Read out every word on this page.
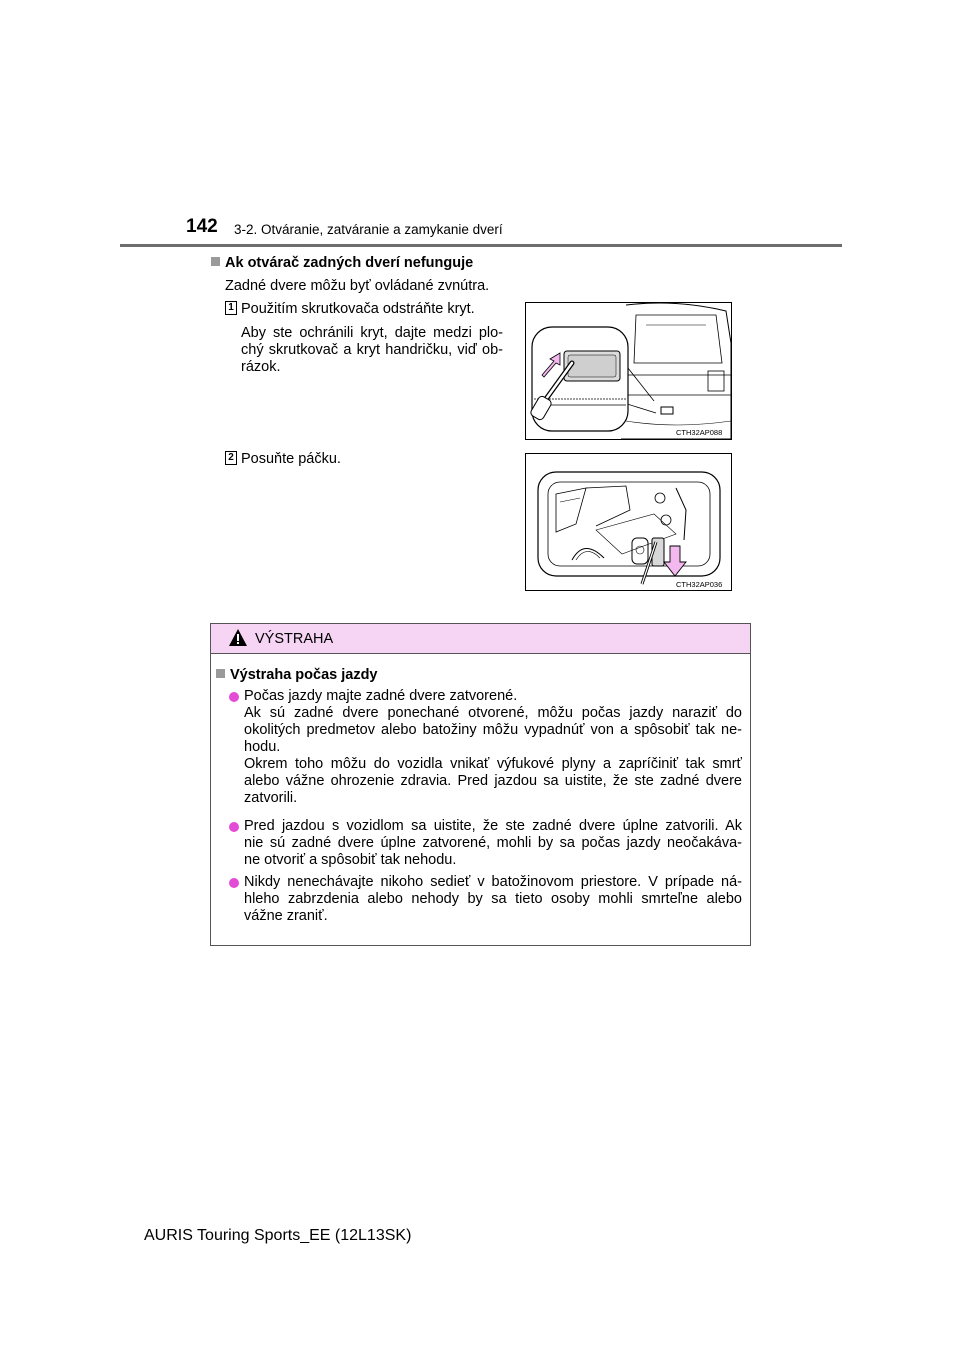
142 3-2. Otváranie, zatváranie a zamykanie dverí
Ak otvárač zadných dverí nefunguje
Zadné dvere môžu byť ovládané zvnútra.
1 Použitím skrutkovača odstráňte kryt.
Aby ste ochránili kryt, dajte medzi plo-
chý skrutkovač a kryt handričku, viď ob-
rázok.
CTH32AP088
2 Posuňte páčku.
CTH32AP036
VÝSTRAHA
Výstraha počas jazdy
Počas jazdy majte zadné dvere zatvorené.
Ak sú zadné dvere ponechané otvorené, môžu počas jazdy naraziť do
okolitých predmetov alebo batožiny môžu vypadnúť von a spôsobiť tak ne-
hodu.
Okrem toho môžu do vozidla vnikať výfukové plyny a zapríčiniť tak smrť
alebo vážne ohrozenie zdravia. Pred jazdou sa uistite, že ste zadné dvere
zatvorili.
Pred jazdou s vozidlom sa uistite, že ste zadné dvere úplne zatvorili. Ak
nie sú zadné dvere úplne zatvorené, mohli by sa počas jazdy neočakáva-
ne otvoriť a spôsobiť tak nehodu.
Nikdy nenechávajte nikoho sedieť v batožinovom priestore. V prípade ná-
hleho zabrzdenia alebo nehody by sa tieto osoby mohli smrteľne alebo
vážne zraniť.
AURIS Touring Sports_EE (12L13SK)
